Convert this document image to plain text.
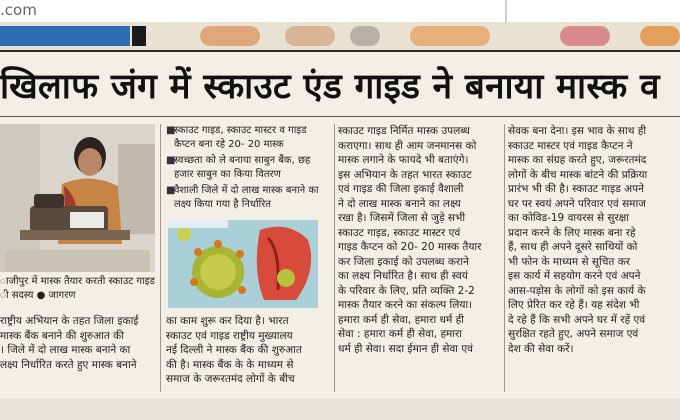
.com
खिलाफ जंग में स्काउट एंड गाइड ने बनाया मास्क व
ाजीपुर में मास्क तैयार करती स्काउट गाइड
ी सदस्य ● जागरण

राष्ट्रीय अभियान के तहत जिला इकाई

मास्क बैंक बनाने की शुरुआत की

। जिले में दो लाख मास्क बनाने का

लक्ष्य निर्धारित करते हुए मास्क बनाने

■
स्काउट गाइड, स्काउट मास्टर व गाइड कैप्टन बना रहे 20- 20 मास्क
■
स्वच्छता को ले बनाया साबुन बैंक, छह हजार साबुन का किया वितरण
■
वैशाली जिले में दो लाख मास्क बनाने का लक्ष्य किया गया है निर्धारित

का काम शुरू कर दिया है। भारत

स्काउट एवं गाइड राष्ट्रीय मुख्यालय

नई दिल्ली ने मास्क बैंक की शुरुआत

की है। मास्क बैंक के के माध्यम से

समाज के जरूरतमंद लोगों के बीच

स्काउट गाइड निर्मित मास्क उपलब्ध

कराएगा। साथ ही आम जनमानस को

मास्क लगाने के फायदे भी बताएंगे।

इस अभियान के तहत भारत स्काउट

एवं गाइड की जिला इकाई वैशाली

ने दो लाख मास्क बनाने का लक्ष्य

रखा है। जिसमें जिला से जुड़े सभी

स्काउट गाइड, स्काउट मास्टर एवं

गाइड कैप्टन को 20- 20 मास्क तैयार

कर जिला इकाई को उपलब्ध कराने

का लक्ष्य निर्धारित है। साथ ही स्वयं

के परिवार के लिए, प्रति व्यक्ति 2-2

मास्क तैयार करने का संकल्प लिया।

हमारा कर्म ही सेवा, हमारा धर्म ही

सेवा : हमारा कर्म ही सेवा, हमारा

धर्म ही सेवा। सदा ईमान ही सेवा एवं

सेवक बना देना। इस भाव के साथ ही

स्काउट मास्टर एवं गाइड कैप्टन ने

मास्क का संग्रह करते हुए, जरूरतमंद

लोगों के बीच मास्क बांटने की प्रक्रिया

प्रारंभ भी की है। स्काउट गाइड अपने

घर पर स्वयं अपने परिवार एवं समाज

का कोविड-19 वायरस से सुरक्षा

प्रदान करने के लिए मास्क बना रहे

हैं, साथ ही अपने दूसरे साथियों को

भी फोन के माध्यम से सूचित कर

इस कार्य में सहयोग करने एवं अपने

आस-पड़ोस के लोगों को इस कार्य के

लिए प्रेरित कर रहे हैं। यह संदेश भी

दे रहे हैं कि सभी अपने घर में रहें एवं

सुरक्षित रहते हुए, अपने समाज एवं

देश की सेवा करें।
